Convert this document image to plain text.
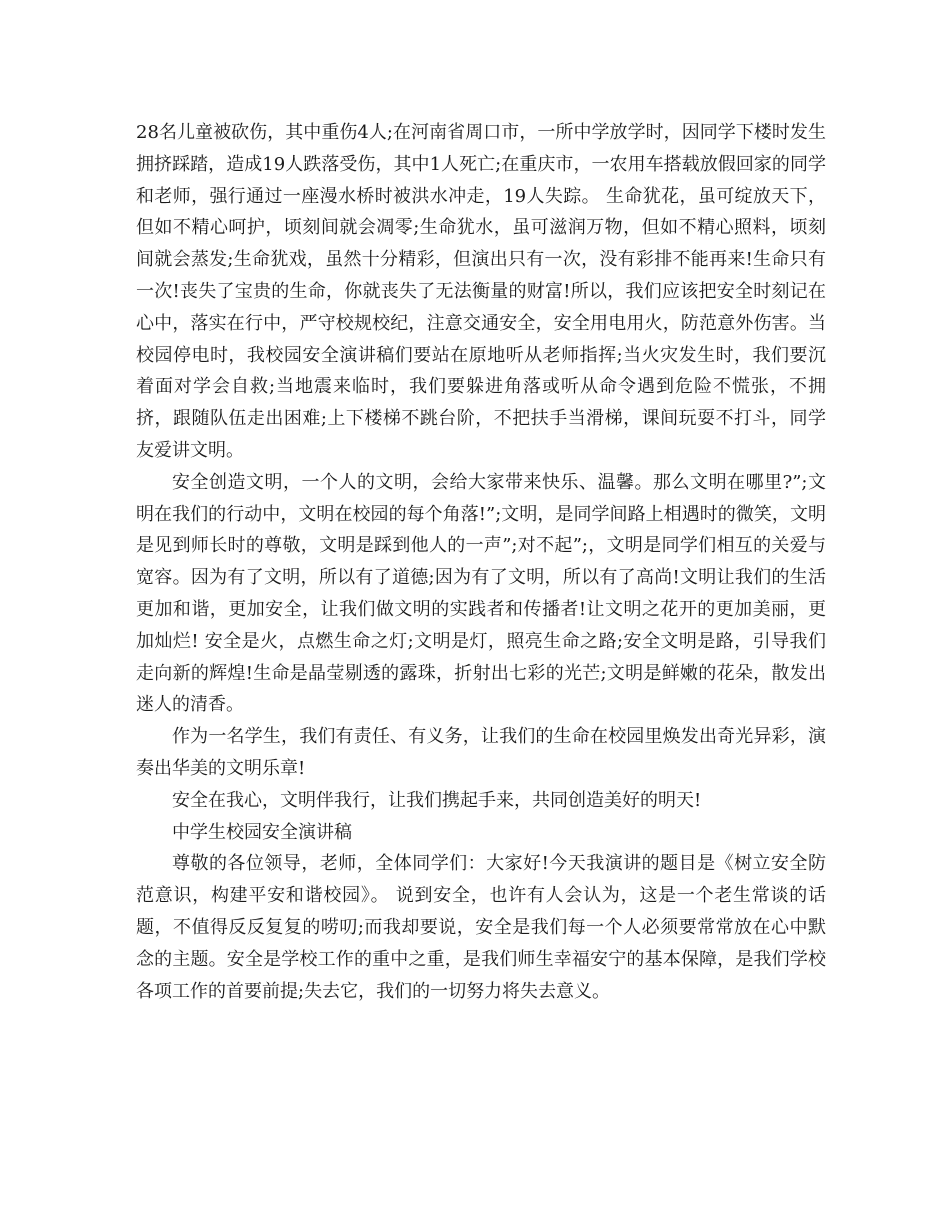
28名儿童被砍伤，其中重伤4人;在河南省周口市，一所中学放学时，因同学下楼时发生拥挤踩踏，造成19人跌落受伤，其中1人死亡;在重庆市，一农用车搭载放假回家的同学 和老师，强行通过一座漫水桥时被洪水冲走，19人失踪。 生命犹花，虽可绽放天下，但如不精心呵护，顷刻间就会凋零;生命犹水，虽可滋润万物，但如不精心照料，顷刻间就会蒸发;生命犹戏，虽然十分精彩，但演出只有一次，没有彩排不能再来!生命只有一次!丧失了宝贵的生命，你就丧失了无法衡量的财富!所以，我们应该把安全时刻记在心中，落实在行中，严守校规校纪，注意交通安全，安全用电用火，防范意外伤害。当校园停电时，我校园安全演讲稿们要站在原地听从老师指挥;当火灾发生时，我们要沉着面对学会自救;当地震来临时，我们要躲进角落或听从命令遇到危险不慌张，不拥挤，跟随队伍走出困难;上下楼梯不跳台阶，不把扶手当滑梯，课间玩耍不打斗，同学友爱讲文明。

安全创造文明，一个人的文明，会给大家带来快乐、温馨。那么文明在哪里?”;文明在我们的行动中，文明在校园的每个角落!”;文明，是同学间路上相遇时的微笑，文明是见到师长时的尊敬，文明是踩到他人的一声”;对不起”;，文明是同学们相互的关爱与宽容。因为有了文明，所以有了道德;因为有了文明，所以有了高尚!文明让我们的生活更加和谐，更加安全，让我们做文明的实践者和传播者!让文明之花开的更加美丽，更加灿烂! 安全是火，点燃生命之灯;文明是灯，照亮生命之路;安全文明是路，引导我们走向新的辉煌!生命是晶莹剔透的露珠，折射出七彩的光芒;文明是鲜嫩的花朵，散发出迷人的清香。

作为一名学生，我们有责任、有义务，让我们的生命在校园里焕发出奇光异彩，演奏出华美的文明乐章!

安全在我心，文明伴我行，让我们携起手来，共同创造美好的明天!

中学生校园安全演讲稿

尊敬的各位领导，老师，全体同学们：大家好!今天我演讲的题目是《树立安全防范意识，构建平安和谐校园》。 说到安全，也许有人会认为，这是一个老生常谈的话题，不值得反反复复的唠叨;而我却要说，安全是我们每一个人必须要常常放在心中默念的主题。安全是学校工作的重中之重，是我们师生幸福安宁的基本保障，是我们学校各项工作的首要前提;失去它，我们的一切努力将失去意义。
